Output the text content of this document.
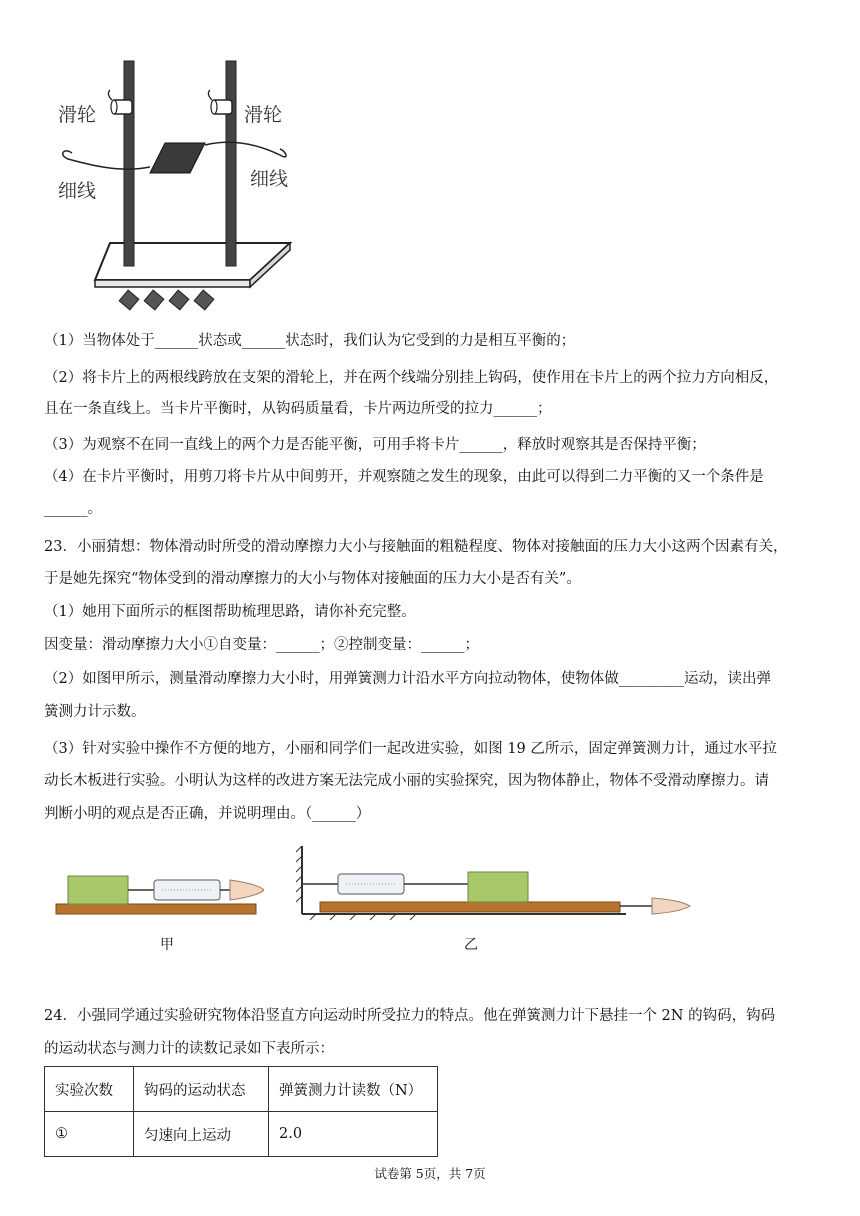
滑轮	滑轮
细线
细线
（1）当物体处于______状态或______状态时，我们认为它受到的力是相互平衡的；
（2）将卡片上的两根线跨放在支架的滑轮上，并在两个线端分别挂上钩码，使作用在卡片上的两个拉力方向相反，
且在一条直线上。当卡片平衡时，从钩码质量看，卡片两边所受的拉力______；
（3）为观察不在同一直线上的两个力是否能平衡，可用手将卡片______，释放时观察其是否保持平衡；
（4）在卡片平衡时，用剪刀将卡片从中间剪开，并观察随之发生的现象，由此可以得到二力平衡的又一个条件是
______。
23．小丽猜想：物体滑动时所受的滑动摩擦力大小与接触面的粗糙程度、物体对接触面的压力大小这两个因素有关，
于是她先探究“物体受到的滑动摩擦力的大小与物体对接触面的压力大小是否有关”。
（1）她用下面所示的框图帮助梳理思路，请你补充完整。
因变量：滑动摩擦力大小①自变量：______；②控制变量：______；
（2）如图甲所示，测量滑动摩擦力大小时，用弹簧测力计沿水平方向拉动物体，使物体做_________运动，读出弹
簧测力计示数。
（3）针对实验中操作不方便的地方，小丽和同学们一起改进实验，如图 19 乙所示，固定弹簧测力计，通过水平拉
动长木板进行实验。小明认为这样的改进方案无法完成小丽的实验探究，因为物体静止，物体不受滑动摩擦力。请
判断小明的观点是否正确，并说明理由。（______）
甲	乙
24．小强同学通过实验研究物体沿竖直方向运动时所受拉力的特点。他在弹簧测力计下悬挂一个 2N 的钩码，钩码
的运动状态与测力计的读数记录如下表所示：
实验次数	钩码的运动状态	弹簧测力计读数（N）
①	匀速向上运动	2.0
试卷第 5页，共 7页
